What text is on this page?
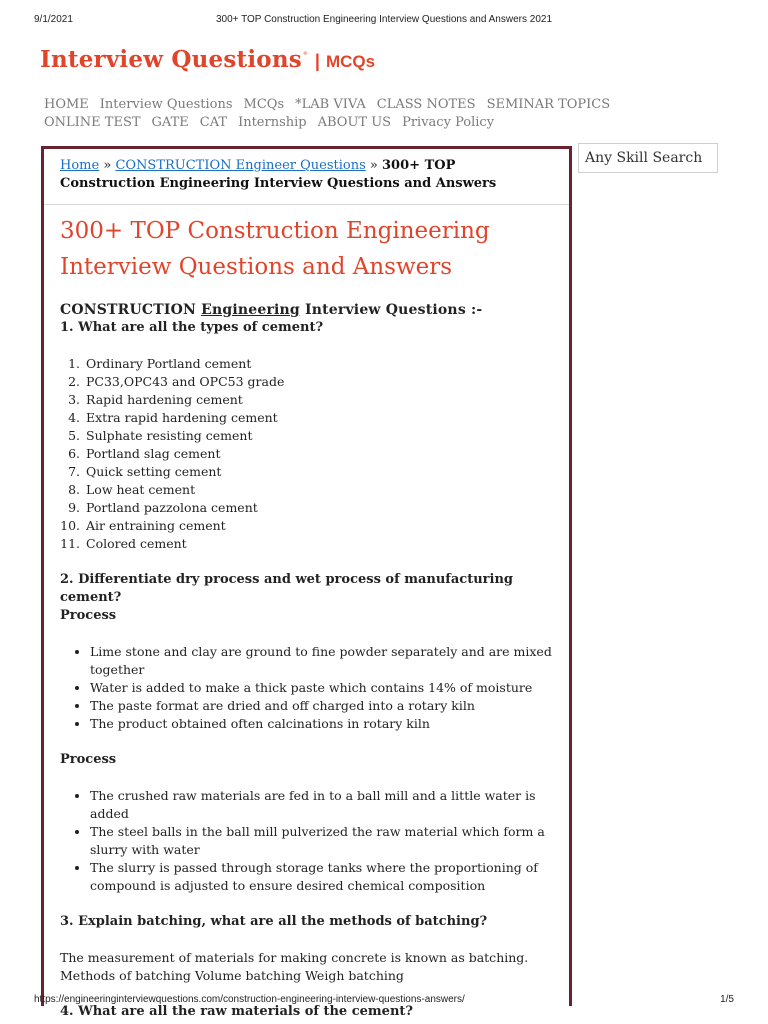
9/1/2021	300+ TOP Construction Engineering Interview Questions and Answers 2021
Interview Questions ® | MCQs
HOME Interview Questions MCQs *LAB VIVA CLASS NOTES SEMINAR TOPICSONLINE TEST GATE CAT Internship ABOUT US Privacy Policy
Any Skill Search
Home » CONSTRUCTION Engineer Questions » 300+ TOP Construction Engineering Interview Questions and Answers
300+ TOP Construction Engineering Interview Questions and Answers
CONSTRUCTION Engineering Interview Questions :-
1. What are all the types of cement?
1. Ordinary Portland cement
2. PC33,OPC43 and OPC53 grade
3. Rapid hardening cement
4. Extra rapid hardening cement
5. Sulphate resisting cement
6. Portland slag cement
7. Quick setting cement
8. Low heat cement
9. Portland pazzolona cement
10. Air entraining cement
11. Colored cement
2. Differentiate dry process and wet process of manufacturing cement?
Process
• Lime stone and clay are ground to fine powder separately and are mixed together
• Water is added to make a thick paste which contains 14% of moisture
• The paste format are dried and off charged into a rotary kiln
• The product obtained often calcinations in rotary kiln
Process
• The crushed raw materials are fed in to a ball mill and a little water is added
• The steel balls in the ball mill pulverized the raw material which form a slurry with water
• The slurry is passed through storage tanks where the proportioning of compound is adjusted to ensure desired chemical composition
3. Explain batching, what are all the methods of batching?

The measurement of materials for making concrete is known as batching. Methods of batching Volume batching Weigh batching

4. What are all the raw materials of the cement?
https://engineeringinterviewquestions.com/construction-engineering-interview-questions-answers/	1/5
